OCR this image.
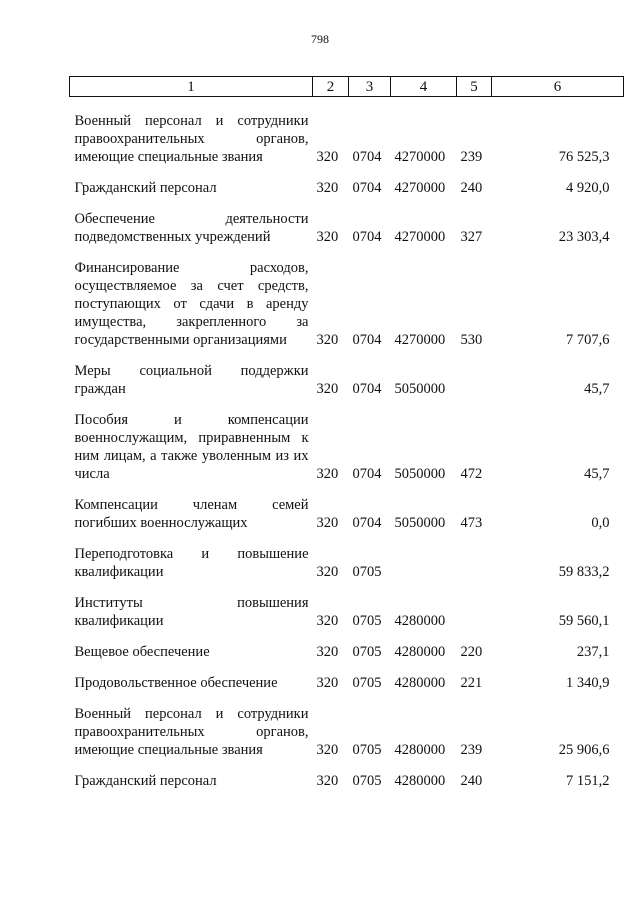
798
1	2	3	4	5	6

Военный персонал и сотрудники правоохранительных органов, имеющие специальные звания	320	0704	4270000	239	76 525,3

Гражданский персонал	320	0704	4270000	240	4 920,0

Обеспечение деятельности подведомственных учреждений	320	0704	4270000	327	23 303,4

Финансирование расходов, осуществляемое за счет средств, поступающих от сдачи в аренду имущества, закрепленного за государственными организациями	320	0704	4270000	530	7 707,6

Меры социальной поддержки граждан	320	0704	5050000		45,7

Пособия и компенсации военнослужащим, приравненным к ним лицам, а также уволенным из их числа	320	0704	5050000	472	45,7

Компенсации членам семей погибших военнослужащих	320	0704	5050000	473	0,0

Переподготовка и повышение квалификации	320	0705			59 833,2

Институты повышения квалификации	320	0705	4280000		59 560,1

Вещевое обеспечение	320	0705	4280000	220	237,1

Продовольственное обеспечение	320	0705	4280000	221	1 340,9

Военный персонал и сотрудники правоохранительных органов, имеющие специальные звания	320	0705	4280000	239	25 906,6

Гражданский персонал	320	0705	4280000	240	7 151,2
